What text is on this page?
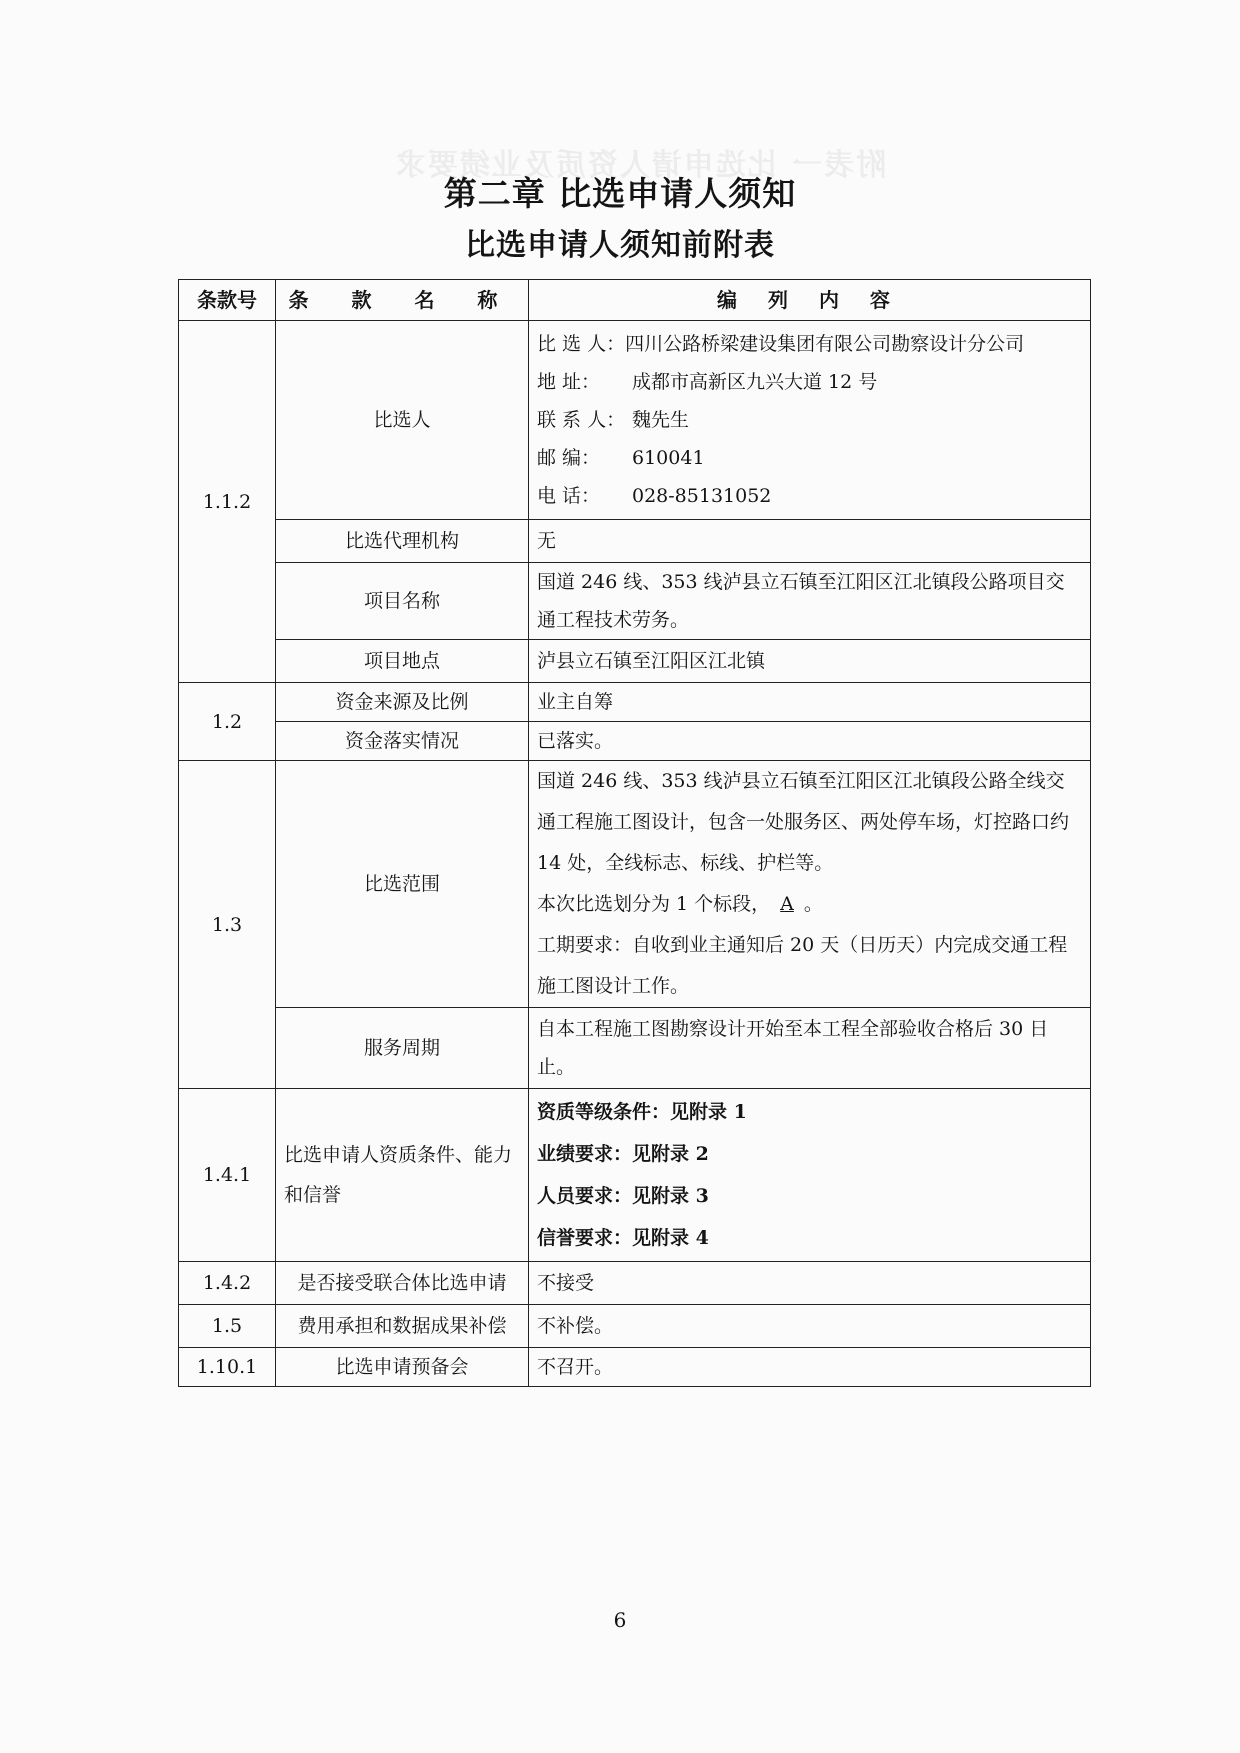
附表一 比选申请人资质及业绩要求
第二章 比选申请人须知
比选申请人须知前附表
条款号	条 款 名 称	编 列 内 容
1.1.2	比选人	比 选 人：四川公路桥梁建设集团有限公司勘察设计分公司
地 址： 成都市高新区九兴大道 12 号
联 系 人： 魏先生
邮 编： 610041
电 话： 028-85131052

	比选代理机构	无
	项目名称	国道 246 线、353 线泸县立石镇至江阳区江北镇段公路项目交通工程技术劳务。
	项目地点	泸县立石镇至江阳区江北镇
1.2	资金来源及比例	业主自筹
	资金落实情况	已落实。
1.3	比选范围	国道 246 线、353 线泸县立石镇至江阳区江北镇段公路全线交通工程施工图设计，包含一处服务区、两处停车场，灯控路口约 14 处，全线标志、标线、护栏等。
本次比选划分为 1 个标段， A 。
工期要求：自收到业主通知后 20 天（日历天）内完成交通工程施工图设计工作。

	服务周期	自本工程施工图勘察设计开始至本工程全部验收合格后 30 日止。
1.4.1	比选申请人资质条件、能力和信誉	资质等级条件：见附录 1
业绩要求：见附录 2
人员要求：见附录 3
信誉要求：见附录 4

1.4.2	是否接受联合体比选申请	不接受
1.5	费用承担和数据成果补偿	不补偿。
1.10.1	比选申请预备会	不召开。
6
